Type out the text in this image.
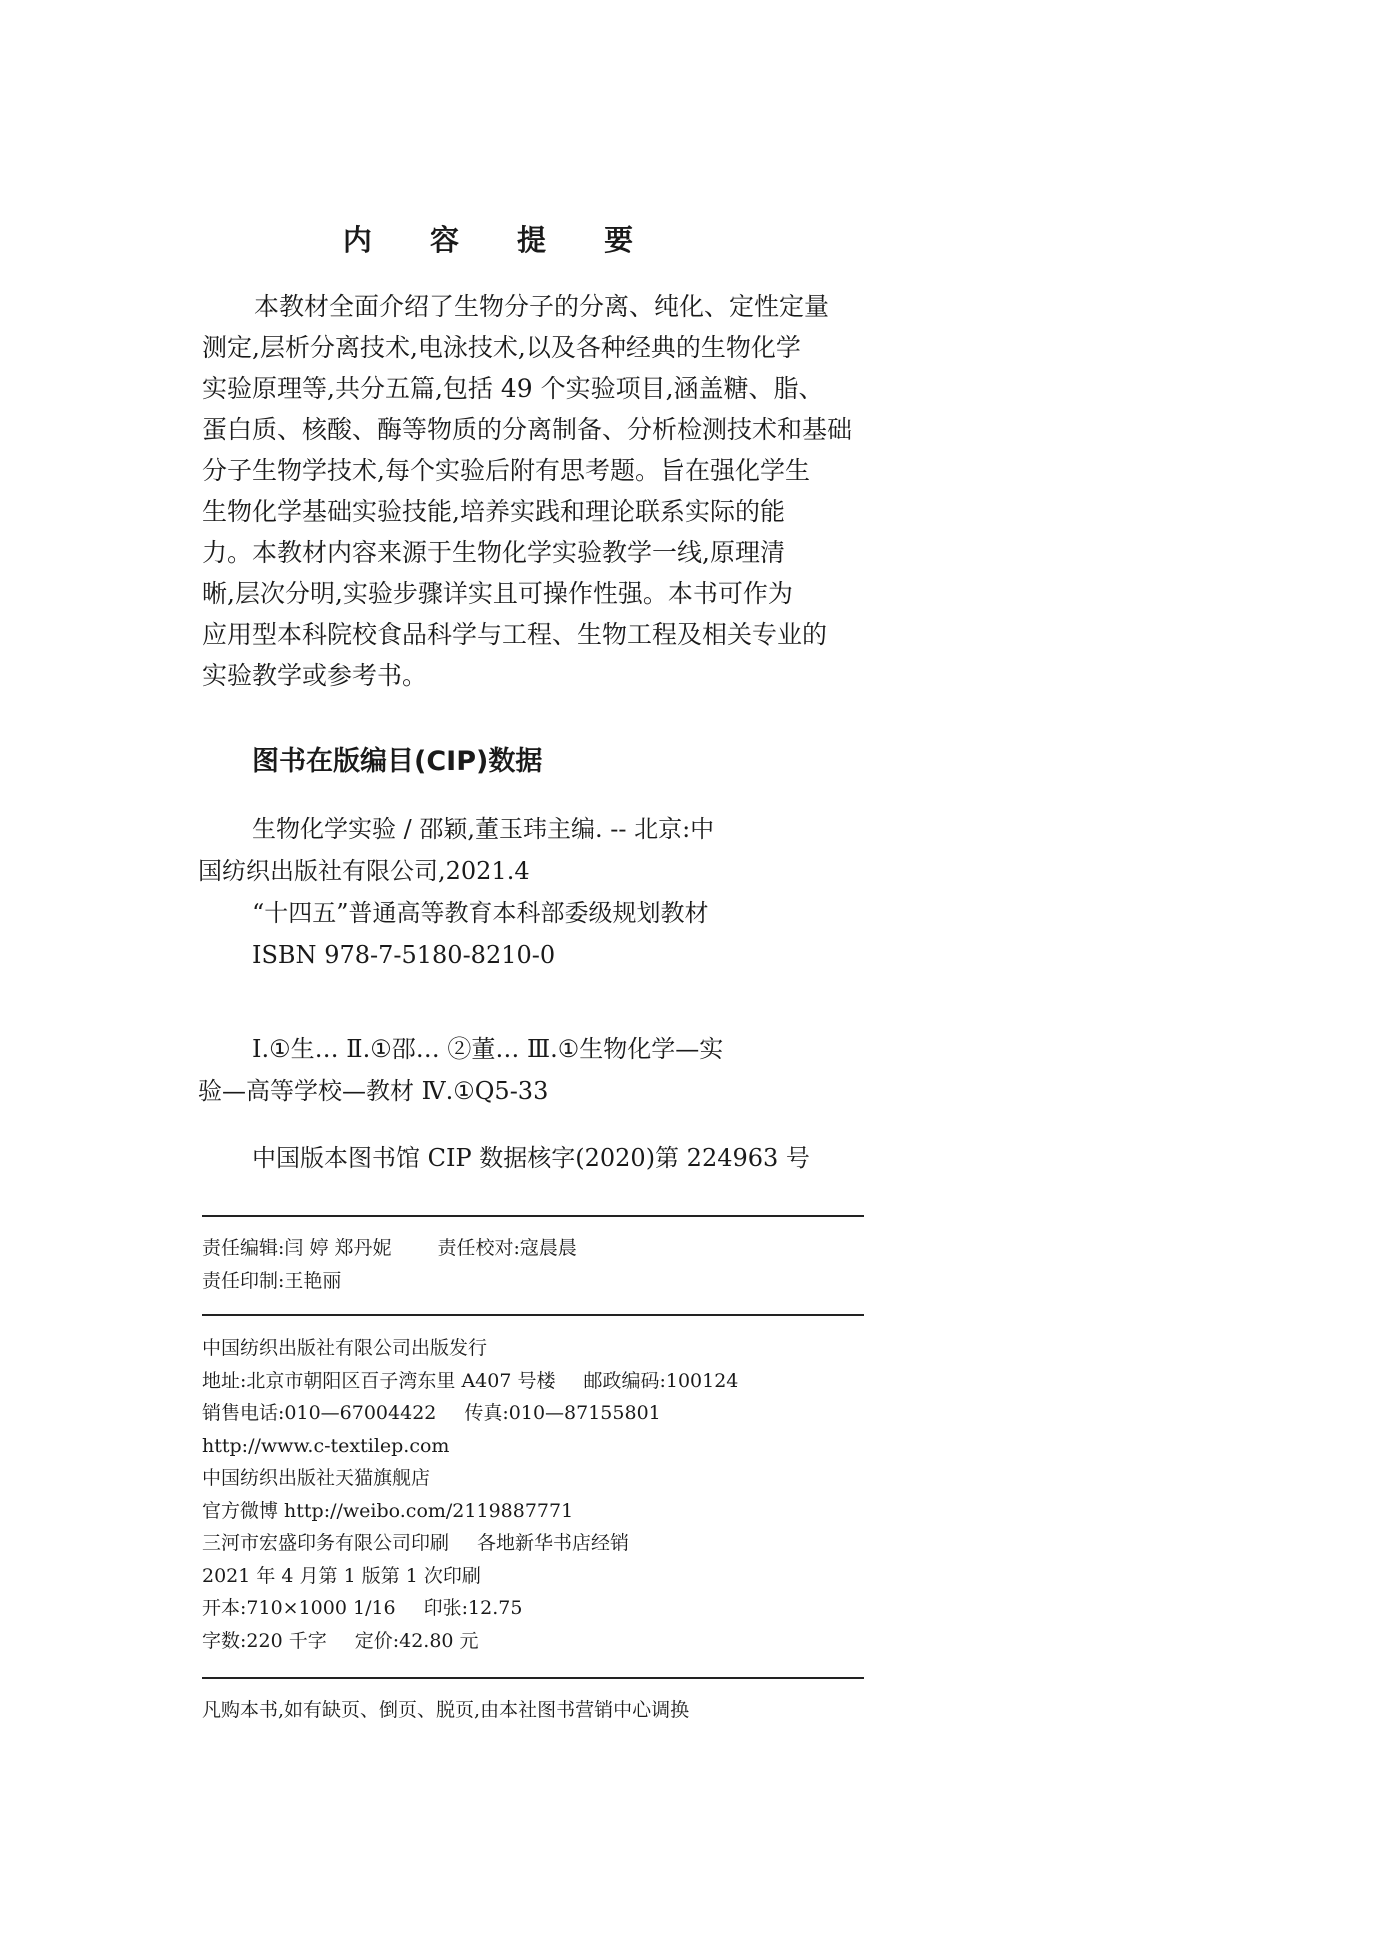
内 容 提 要
本教材全面介绍了生物分子的分离、纯化、定性定量
测定,层析分离技术,电泳技术,以及各种经典的生物化学
实验原理等,共分五篇,包括 49 个实验项目,涵盖糖、脂、
蛋白质、核酸、酶等物质的分离制备、分析检测技术和基础
分子生物学技术,每个实验后附有思考题。旨在强化学生
生物化学基础实验技能,培养实践和理论联系实际的能
力。本教材内容来源于生物化学实验教学一线,原理清
晰,层次分明,实验步骤详实且可操作性强。本书可作为
应用型本科院校食品科学与工程、生物工程及相关专业的
实验教学或参考书。
图书在版编目(CIP)数据
生物化学实验 / 邵颖,董玉玮主编. -- 北京:中
国纺织出版社有限公司,2021.4
“十四五”普通高等教育本科部委级规划教材
ISBN 978-7-5180-8210-0
Ⅰ.①生… Ⅱ.①邵… ②董… Ⅲ.①生物化学—实
验—高等学校—教材 Ⅳ.①Q5-33
中国版本图书馆 CIP 数据核字(2020)第 224963 号
责任编辑:闫 婷 郑丹妮 责任校对:寇晨晨
责任印制:王艳丽
中国纺织出版社有限公司出版发行
地址:北京市朝阳区百子湾东里 A407 号楼 邮政编码:100124
销售电话:010—67004422 传真:010—87155801
http://www.c-textilep.com
中国纺织出版社天猫旗舰店
官方微博 http://weibo.com/2119887771
三河市宏盛印务有限公司印刷 各地新华书店经销
2021 年 4 月第 1 版第 1 次印刷
开本:710×1000 1/16 印张:12.75
字数:220 千字 定价:42.80 元
凡购本书,如有缺页、倒页、脱页,由本社图书营销中心调换
